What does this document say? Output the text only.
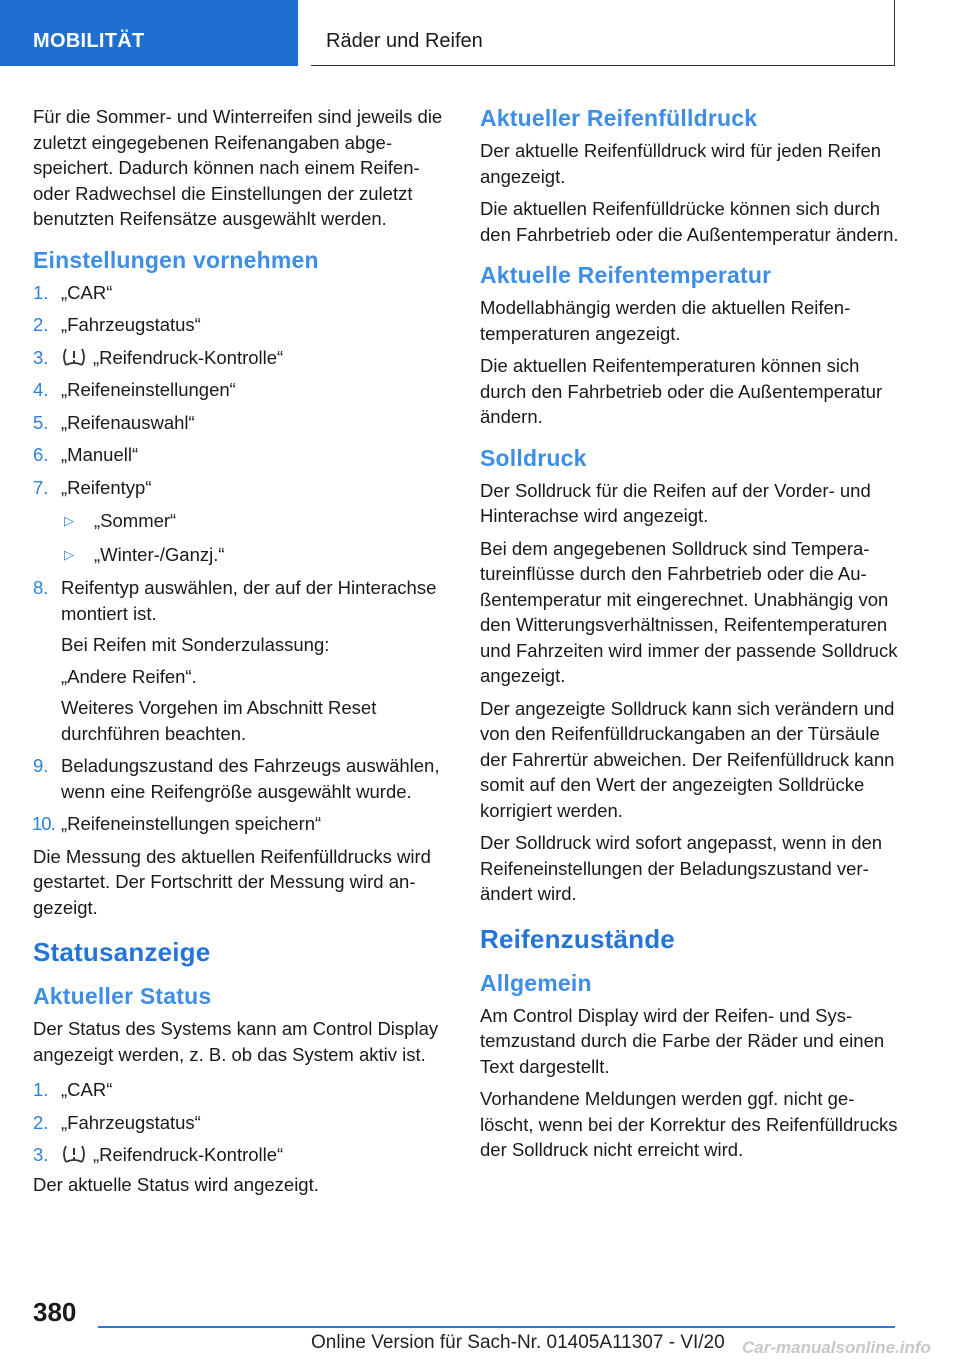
MOBILITÄT	Räder und Reifen

Für die Sommer- und Winterreifen sind jeweils die zuletzt eingegebenen Reifenangaben abgespeichert. Dadurch können nach einem Reifen- oder Radwechsel die Einstellungen der zuletzt benutzten Reifensätze ausgewählt werden.

Einstellungen vornehmen
1. „CAR“
2. „Fahrzeugstatus“
3. „Reifendruck-Kontrolle“
4. „Reifeneinstellungen“
5. „Reifenauswahl“
6. „Manuell“
7. „Reifentyp“
▷ „Sommer“
▷ „Winter-/Ganzj.“
8. Reifentyp auswählen, der auf der Hinterachse montiert ist.

Bei Reifen mit Sonderzulassung:

„Andere Reifen“.

Weiteres Vorgehen im Abschnitt Reset durchführen beachten.

9. Beladungszustand des Fahrzeugs auswählen, wenn eine Reifengröße ausgewählt wurde.
10. „Reifeneinstellungen speichern“

Die Messung des aktuellen Reifenfülldrucks wird gestartet. Der Fortschritt der Messung wird angezeigt.

Statusanzeige
Aktueller Status

Der Status des Systems kann am Control Display angezeigt werden, z. B. ob das System aktiv ist.

1. „CAR“
2. „Fahrzeugstatus“
3. „Reifendruck-Kontrolle“

Der aktuelle Status wird angezeigt.

Aktueller Reifenfülldruck

Der aktuelle Reifenfülldruck wird für jeden Reifen angezeigt.

Die aktuellen Reifenfülldrücke können sich durch den Fahrbetrieb oder die Außentemperatur ändern.

Aktuelle Reifentemperatur

Modellabhängig werden die aktuellen Reifentemperaturen angezeigt.

Die aktuellen Reifentemperaturen können sich durch den Fahrbetrieb oder die Außentemperatur ändern.

Solldruck

Der Solldruck für die Reifen auf der Vorder- und Hinterachse wird angezeigt.

Bei dem angegebenen Solldruck sind Temperatureinflüsse durch den Fahrbetrieb oder die Außentemperatur mit eingerechnet. Unabhängig von den Witterungsverhältnissen, Reifentemperaturen und Fahrzeiten wird immer der passende Solldruck angezeigt.

Der angezeigte Solldruck kann sich verändern und von den Reifenfülldruckangaben an der Türsäule der Fahrertür abweichen. Der Reifenfülldruck kann somit auf den Wert der angezeigten Solldrücke korrigiert werden.

Der Solldruck wird sofort angepasst, wenn in den Reifeneinstellungen der Beladungszustand verändert wird.

Reifenzustände
Allgemein

Am Control Display wird der Reifen- und Systemzustand durch die Farbe der Räder und einen Text dargestellt.

Vorhandene Meldungen werden ggf. nicht gelöscht, wenn bei der Korrektur des Reifenfülldrucks der Solldruck nicht erreicht wird.

380
Online Version für Sach-Nr. 01405A11307 - VI/20 Car-manualsonline.info
